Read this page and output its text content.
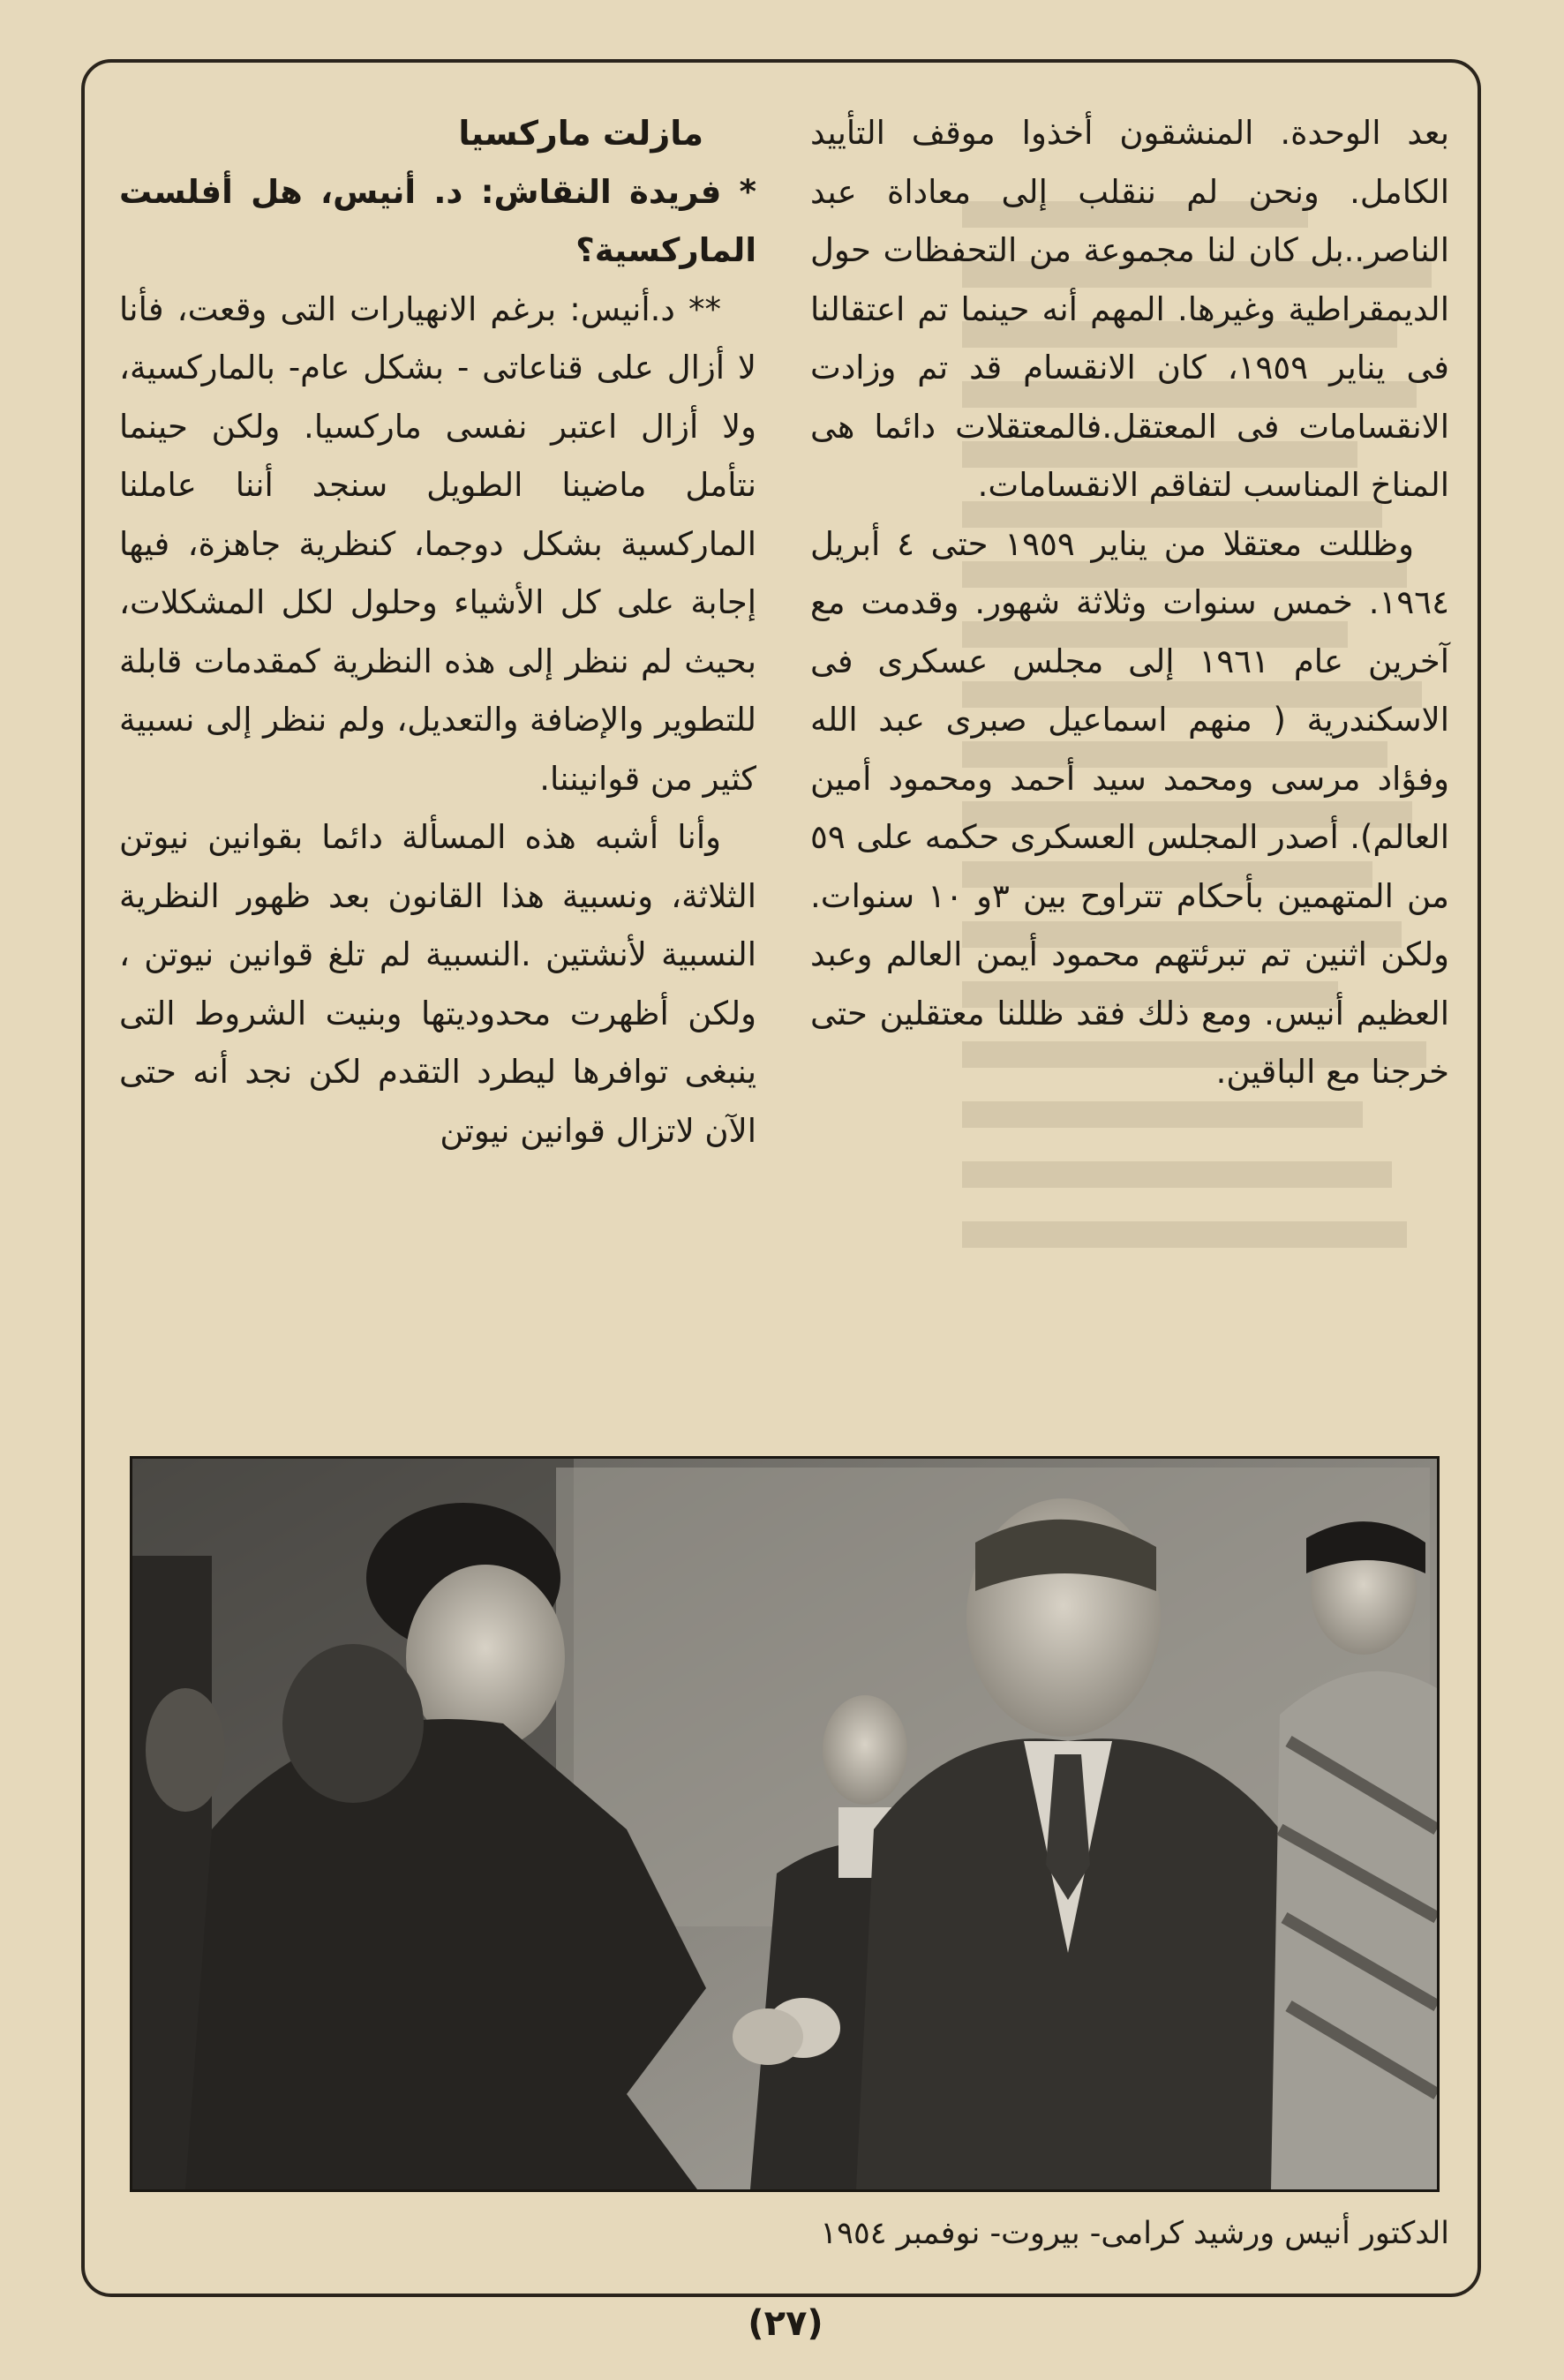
بعد الوحدة. المنشقون أخذوا موقف التأييد الكامل. ونحن لم ننقلب إلى معاداة عبد الناصر..بل كان لنا مجموعة من التحفظات حول الديمقراطية وغيرها. المهم أنه حينما تم اعتقالنا فى يناير ١٩٥٩، كان الانقسام قد تم وزادت الانقسامات فى المعتقل.فالمعتقلات دائما هى المناخ المناسب لتفاقم الانقسامات.

وظللت معتقلا من يناير ١٩٥٩ حتى ٤ أبريل ١٩٦٤. خمس سنوات وثلاثة شهور. وقدمت مع آخرين عام ١٩٦١ إلى مجلس عسكرى فى الاسكندرية ( منهم اسماعيل صبرى عبد الله وفؤاد مرسى ومحمد سيد أحمد ومحمود أمين العالم). أصدر المجلس العسكرى حكمه على ٥٩ من المتهمين بأحكام تتراوح بين ٣و ١٠ سنوات. ولكن اثنين تم تبرئتهم محمود أيمن العالم وعبد العظيم أنيس. ومع ذلك فقد ظللنا معتقلين حتى خرجنا مع الباقين.

مازلت ماركسيا

* فريدة النقاش: د. أنيس، هل أفلست الماركسية؟

** د.أنيس: برغم الانهيارات التى وقعت، فأنا لا أزال على قناعاتى - بشكل عام- بالماركسية، ولا أزال اعتبر نفسى ماركسيا. ولكن حينما نتأمل ماضينا الطويل سنجد أننا عاملنا الماركسية بشكل دوجما، كنظرية جاهزة، فيها إجابة على كل الأشياء وحلول لكل المشكلات، بحيث لم ننظر إلى هذه النظرية كمقدمات قابلة للتطوير والإضافة والتعديل، ولم ننظر إلى نسبية كثير من قوانيننا.

وأنا أشبه هذه المسألة دائما بقوانين نيوتن الثلاثة، ونسبية هذا القانون بعد ظهور النظرية النسبية لأنشتين .النسبية لم تلغ قوانين نيوتن ، ولكن أظهرت محدوديتها وبنيت الشروط التى ينبغى توافرها ليطرد التقدم لكن نجد أنه حتى الآن لاتزال قوانين نيوتن

الدكتور أنيس ورشيد كرامى- بيروت- نوفمبر ١٩٥٤
(٢٧)
